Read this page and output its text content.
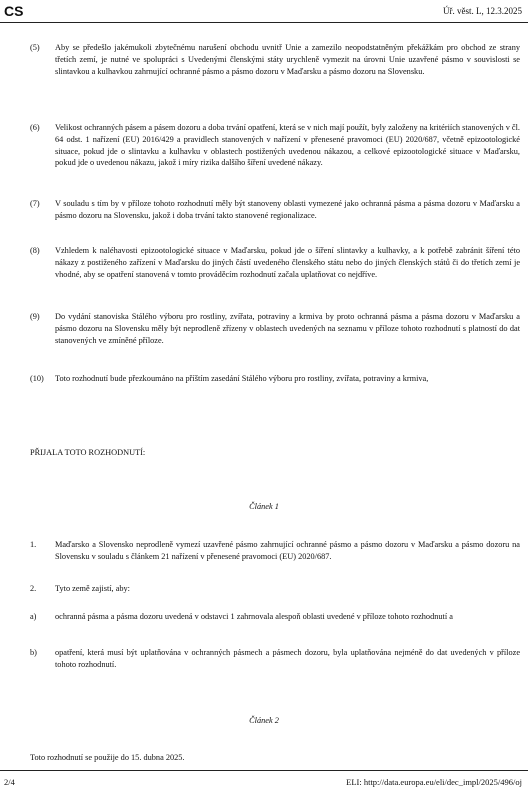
CS	Úř. věst. L, 12.3.2025
(5) Aby se předešlo jakémukoli zbytečnému narušení obchodu uvnitř Unie a zamezilo neopodstatněným překážkám pro obchod ze strany třetích zemí, je nutné ve spolupráci s Uvedenými členskými státy urychleně vymezit na úrovni Unie uzavřené pásmo v souvislosti se slintavkou a kulhavkou zahrnující ochranné pásmo a pásmo dozoru v Maďarsku a pásmo dozoru na Slovensku.
(6) Velikost ochranných pásem a pásem dozoru a doba trvání opatření, která se v nich mají použít, byly založeny na kritériích stanovených v čl. 64 odst. 1 nařízení (EU) 2016/429 a pravidlech stanovených v nařízení v přenesené pravomoci (EU) 2020/687, včetně epizootologické situace, pokud jde o slintavku a kulhavku v oblastech postižených uvedenou nákazou, a celkové epizootologické situace v Maďarsku, pokud jde o uvedenou nákazu, jakož i míry rizika dalšího šíření uvedené nákazy.
(7) V souladu s tím by v příloze tohoto rozhodnutí měly být stanoveny oblasti vymezené jako ochranná pásma a pásma dozoru v Maďarsku a pásmo dozoru na Slovensku, jakož i doba trvání takto stanovené regionalizace.
(8) Vzhledem k naléhavosti epizootologické situace v Maďarsku, pokud jde o šíření slintavky a kulhavky, a k potřebě zabránit šíření této nákazy z postiženého zařízení v Maďarsku do jiných částí uvedeného členského státu nebo do jiných členských států či do třetích zemí je vhodné, aby se opatření stanovená v tomto prováděcím rozhodnutí začala uplatňovat co nejdříve.
(9) Do vydání stanoviska Stálého výboru pro rostliny, zvířata, potraviny a krmiva by proto ochranná pásma a pásma dozoru v Maďarsku a pásmo dozoru na Slovensku měly být neprodleně zřízeny v oblastech uvedených na seznamu v příloze tohoto rozhodnutí s platností do dat stanovených ve zmíněné příloze.
(10) Toto rozhodnutí bude přezkoumáno na příštím zasedání Stálého výboru pro rostliny, zvířata, potraviny a krmiva,
PŘIJALA TOTO ROZHODNUTÍ:
Článek 1
1. Maďarsko a Slovensko neprodleně vymezí uzavřené pásmo zahrnující ochranné pásmo a pásmo dozoru v Maďarsku a pásmo dozoru na Slovensku v souladu s článkem 21 nařízení v přenesené pravomoci (EU) 2020/687.
2. Tyto země zajistí, aby:
a) ochranná pásma a pásma dozoru uvedená v odstavci 1 zahrnovala alespoň oblasti uvedené v příloze tohoto rozhodnutí a
b) opatření, která musí být uplatňována v ochranných pásmech a pásmech dozoru, byla uplatňována nejméně do dat uvedených v příloze tohoto rozhodnutí.
Článek 2
Toto rozhodnutí se použije do 15. dubna 2025.
2/4	ELI: http://data.europa.eu/eli/dec_impl/2025/496/oj
